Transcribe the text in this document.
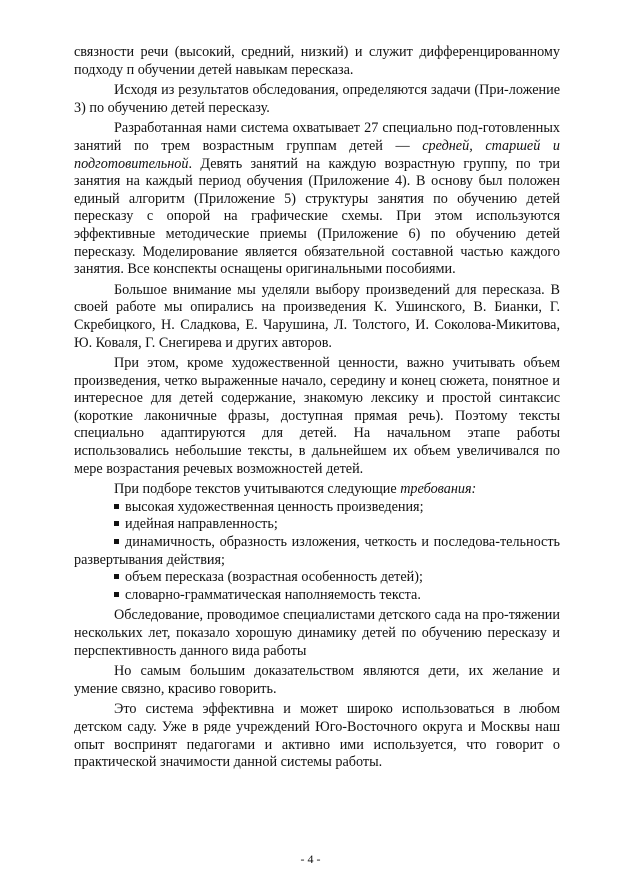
связности речи (высокий, средний, низкий) и служит дифференцированному подходу п обучении детей навыкам пересказа.

Исходя из результатов обследования, определяются задачи (При-ложение 3) по обучению детей пересказу.

Разработанная нами система охватывает 27 специально под-готовленных занятий по трем возрастным группам детей — средней, старшей и подготовительной. Девять занятий на каждую возрастную группу, по три занятия на каждый период обучения (Приложение 4). В основу был положен единый алгоритм (Приложение 5) структуры занятия по обучению детей пересказу с опорой на графические схемы. При этом используются эффективные методические приемы (Приложение 6) по обучению детей пересказу. Моделирование является обязательной составной частью каждого занятия. Все конспекты оснащены оригинальными пособиями.

Большое внимание мы уделяли выбору произведений для пересказа. В своей работе мы опирались на произведения К. Ушинского, В. Бианки, Г. Скребицкого, Н. Сладкова, Е. Чарушина, Л. Толстого, И. Соколова-Микитова, Ю. Коваля, Г. Снегирева и других авторов.

При этом, кроме художественной ценности, важно учитывать объем произведения, четко выраженные начало, середину и конец сюжета, понятное и интересное для детей содержание, знакомую лексику и простой синтаксис (короткие лаконичные фразы, доступная прямая речь). Поэтому тексты специально адаптируются для детей. На начальном этапе работы использовались небольшие тексты, в дальнейшем их объем увеличивался по мере возрастания речевых возможностей детей.

При подборе текстов учитываются следующие требования:

высокая художественная ценность произведения;
идейная направленность;
динамичность, образность изложения, четкость и последова-тельность развертывания действия;
объем пересказа (возрастная особенность детей);
словарно-грамматическая наполняемость текста.

Обследование, проводимое специалистами детского сада на про-тяжении нескольких лет, показало хорошую динамику детей по обучению пересказу и перспективность данного вида работы

Но самым большим доказательством являются дети, их желание и умение связно, красиво говорить.

Это система эффективна и может широко использоваться в любом детском саду. Уже в ряде учреждений Юго-Восточного округа и Москвы наш опыт воспринят педагогами и активно ими используется, что говорит о практической значимости данной системы работы.

- 4 -
